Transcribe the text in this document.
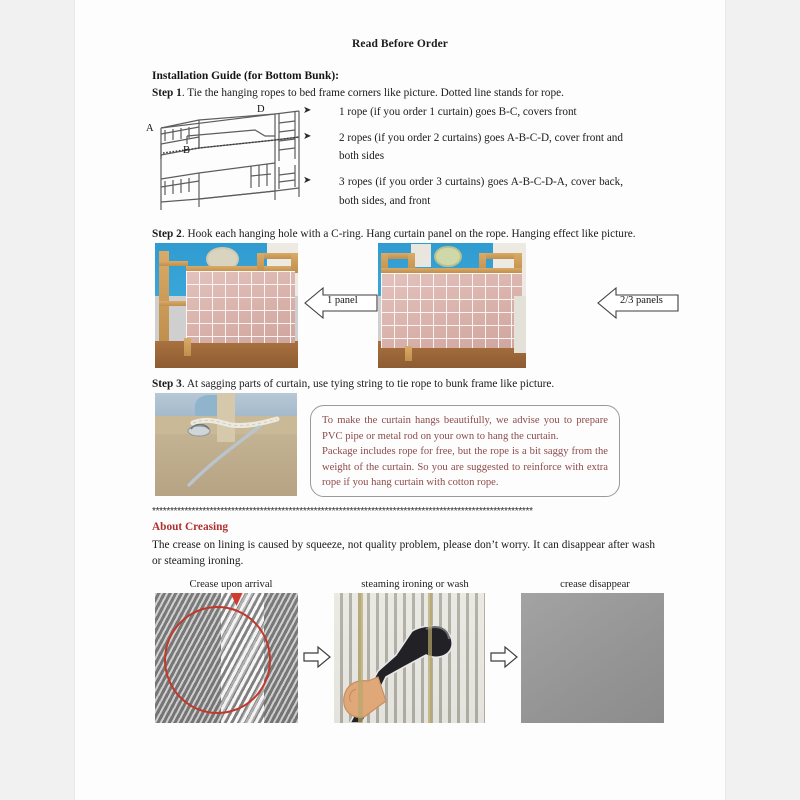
Read Before Order
Installation Guide (for Bottom Bunk):
Step 1. Tie the hanging ropes to bed frame corners like picture. Dotted line stands for rope.
A
B
D	➤ 1 rope (if you order 1 curtain) goes B-C, covers front
➤ 2 ropes (if you order 2 curtains) goes A-B-C-D, cover front and both sides
➤ 3 ropes (if you order 3 curtains) goes A-B-C-D-A, cover back, both sides, and front
Step 2. Hook each hanging hole with a C-ring. Hang curtain panel on the rope. Hanging effect like picture.
1 panel	2/3 panels
Step 3. At sagging parts of curtain, use tying string to tie rope to bunk frame like picture.
To make the curtain hangs beautifully, we advise you to prepare PVC pipe or metal rod on your own to hang the curtain.
Package includes rope for free, but the rope is a bit saggy from the weight of the curtain. So you are suggested to reinforce with extra rope if you hang curtain with cotton rope.
**********************************************************************************************************
About Creasing
The crease on lining is caused by squeeze, not quality problem, please don’t worry. It can disappear after wash or steaming ironing.
Crease upon arrival	steaming ironing or wash	crease disappear
